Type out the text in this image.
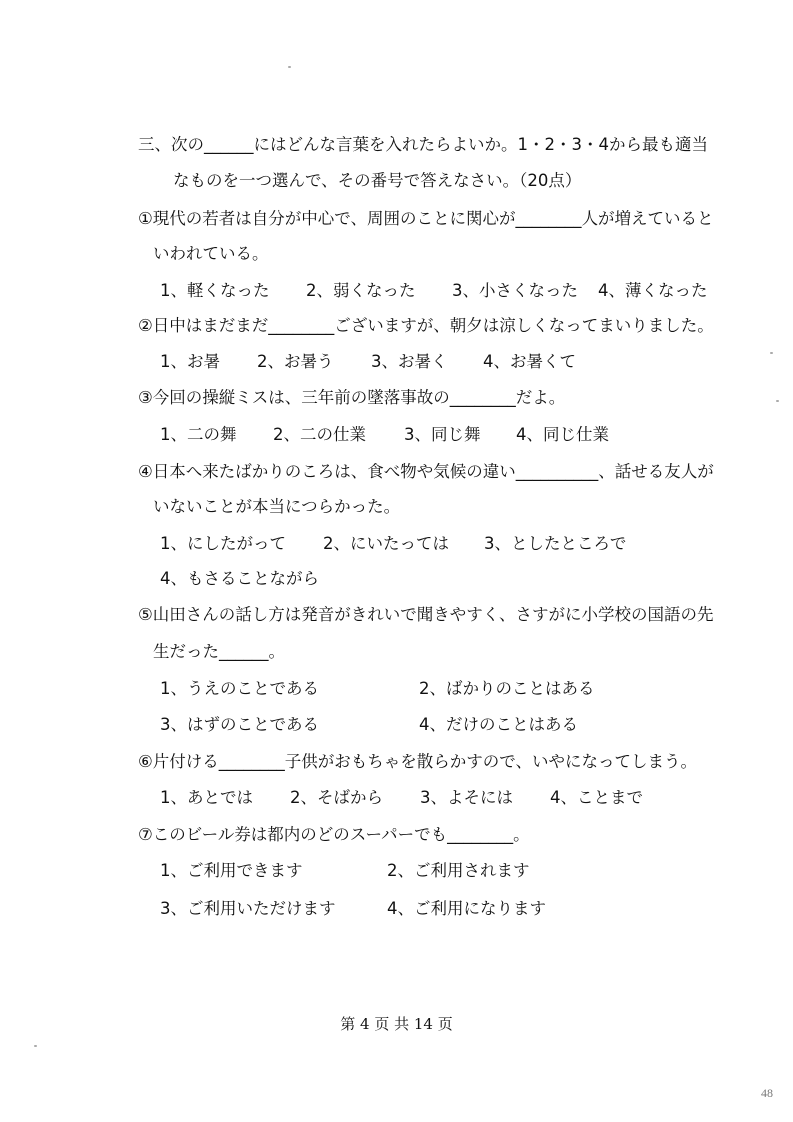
三、次の______にはどんな言葉を入れたらよいか。1・2・3・4から最も適当
なものを一つ選んで、その番号で答えなさい。（20点）
①現代の若者は自分が中心で、周囲のことに関心が________人が増えていると
いわれている。
1、軽くなった 2、弱くなった 3、小さくなった 4、薄くなった
②日中はまだまだ________ございますが、朝夕は涼しくなってまいりました。
1、お暑 2、お暑う 3、お暑く 4、お暑くて
③今回の操縦ミスは、三年前の墜落事故の________だよ。
1、二の舞 2、二の仕業 3、同じ舞 4、同じ仕業
④日本へ来たばかりのころは、食べ物や気候の違い__________、話せる友人が
いないことが本当につらかった。
1、にしたがって 2、にいたっては 3、としたところで
4、もさることながら
⑤山田さんの話し方は発音がきれいで聞きやすく、さすがに小学校の国語の先
生だった______。
1、うえのことである	2、ばかりのことはある
3、はずのことである	4、だけのことはある
⑥片付ける________子供がおもちゃを散らかすので、いやになってしまう。
1、あとでは 2、そばから 3、よそには 4、ことまで
⑦このビール券は都内のどのスーパーでも________。
1、ご利用できます	2、ご利用されます
3、ご利用いただけます	4、ご利用になります
第 4 页 共 14 页
48
